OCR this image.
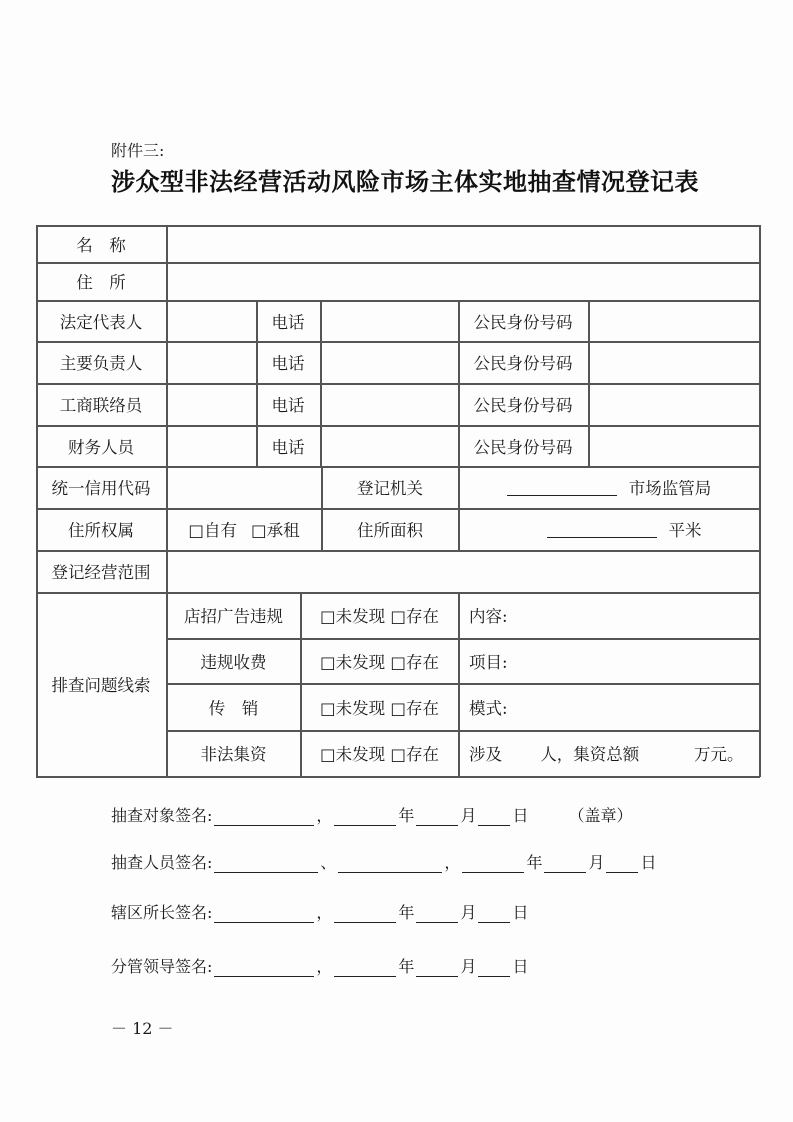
附件三:
涉众型非法经营活动风险市场主体实地抽查情况登记表
名　称
住　所
法定代表人	电话	公民身份号码
主要负责人	电话	公民身份号码
工商联络员	电话	公民身份号码
财务人员	电话	公民身份号码
统一信用代码	登记机关	市场监管局
住所权属	□自有 □承租	住所面积	平米
登记经营范围
排查问题线索
店招广告违规	□未发现 □存在	内容:
违规收费	□未发现 □存在	项目:
传　销	□未发现 □存在	模式:
非法集资	□未发现 □存在	涉及　　 人，集资总额　　　 万元。
抽查对象签名:	，	年	月 日	（盖章）
抽查人员签名:	、	，	年	月 日
辖区所长签名:	，	年	月 日
分管领导签名:	，	年	月 日
－ 12 －
